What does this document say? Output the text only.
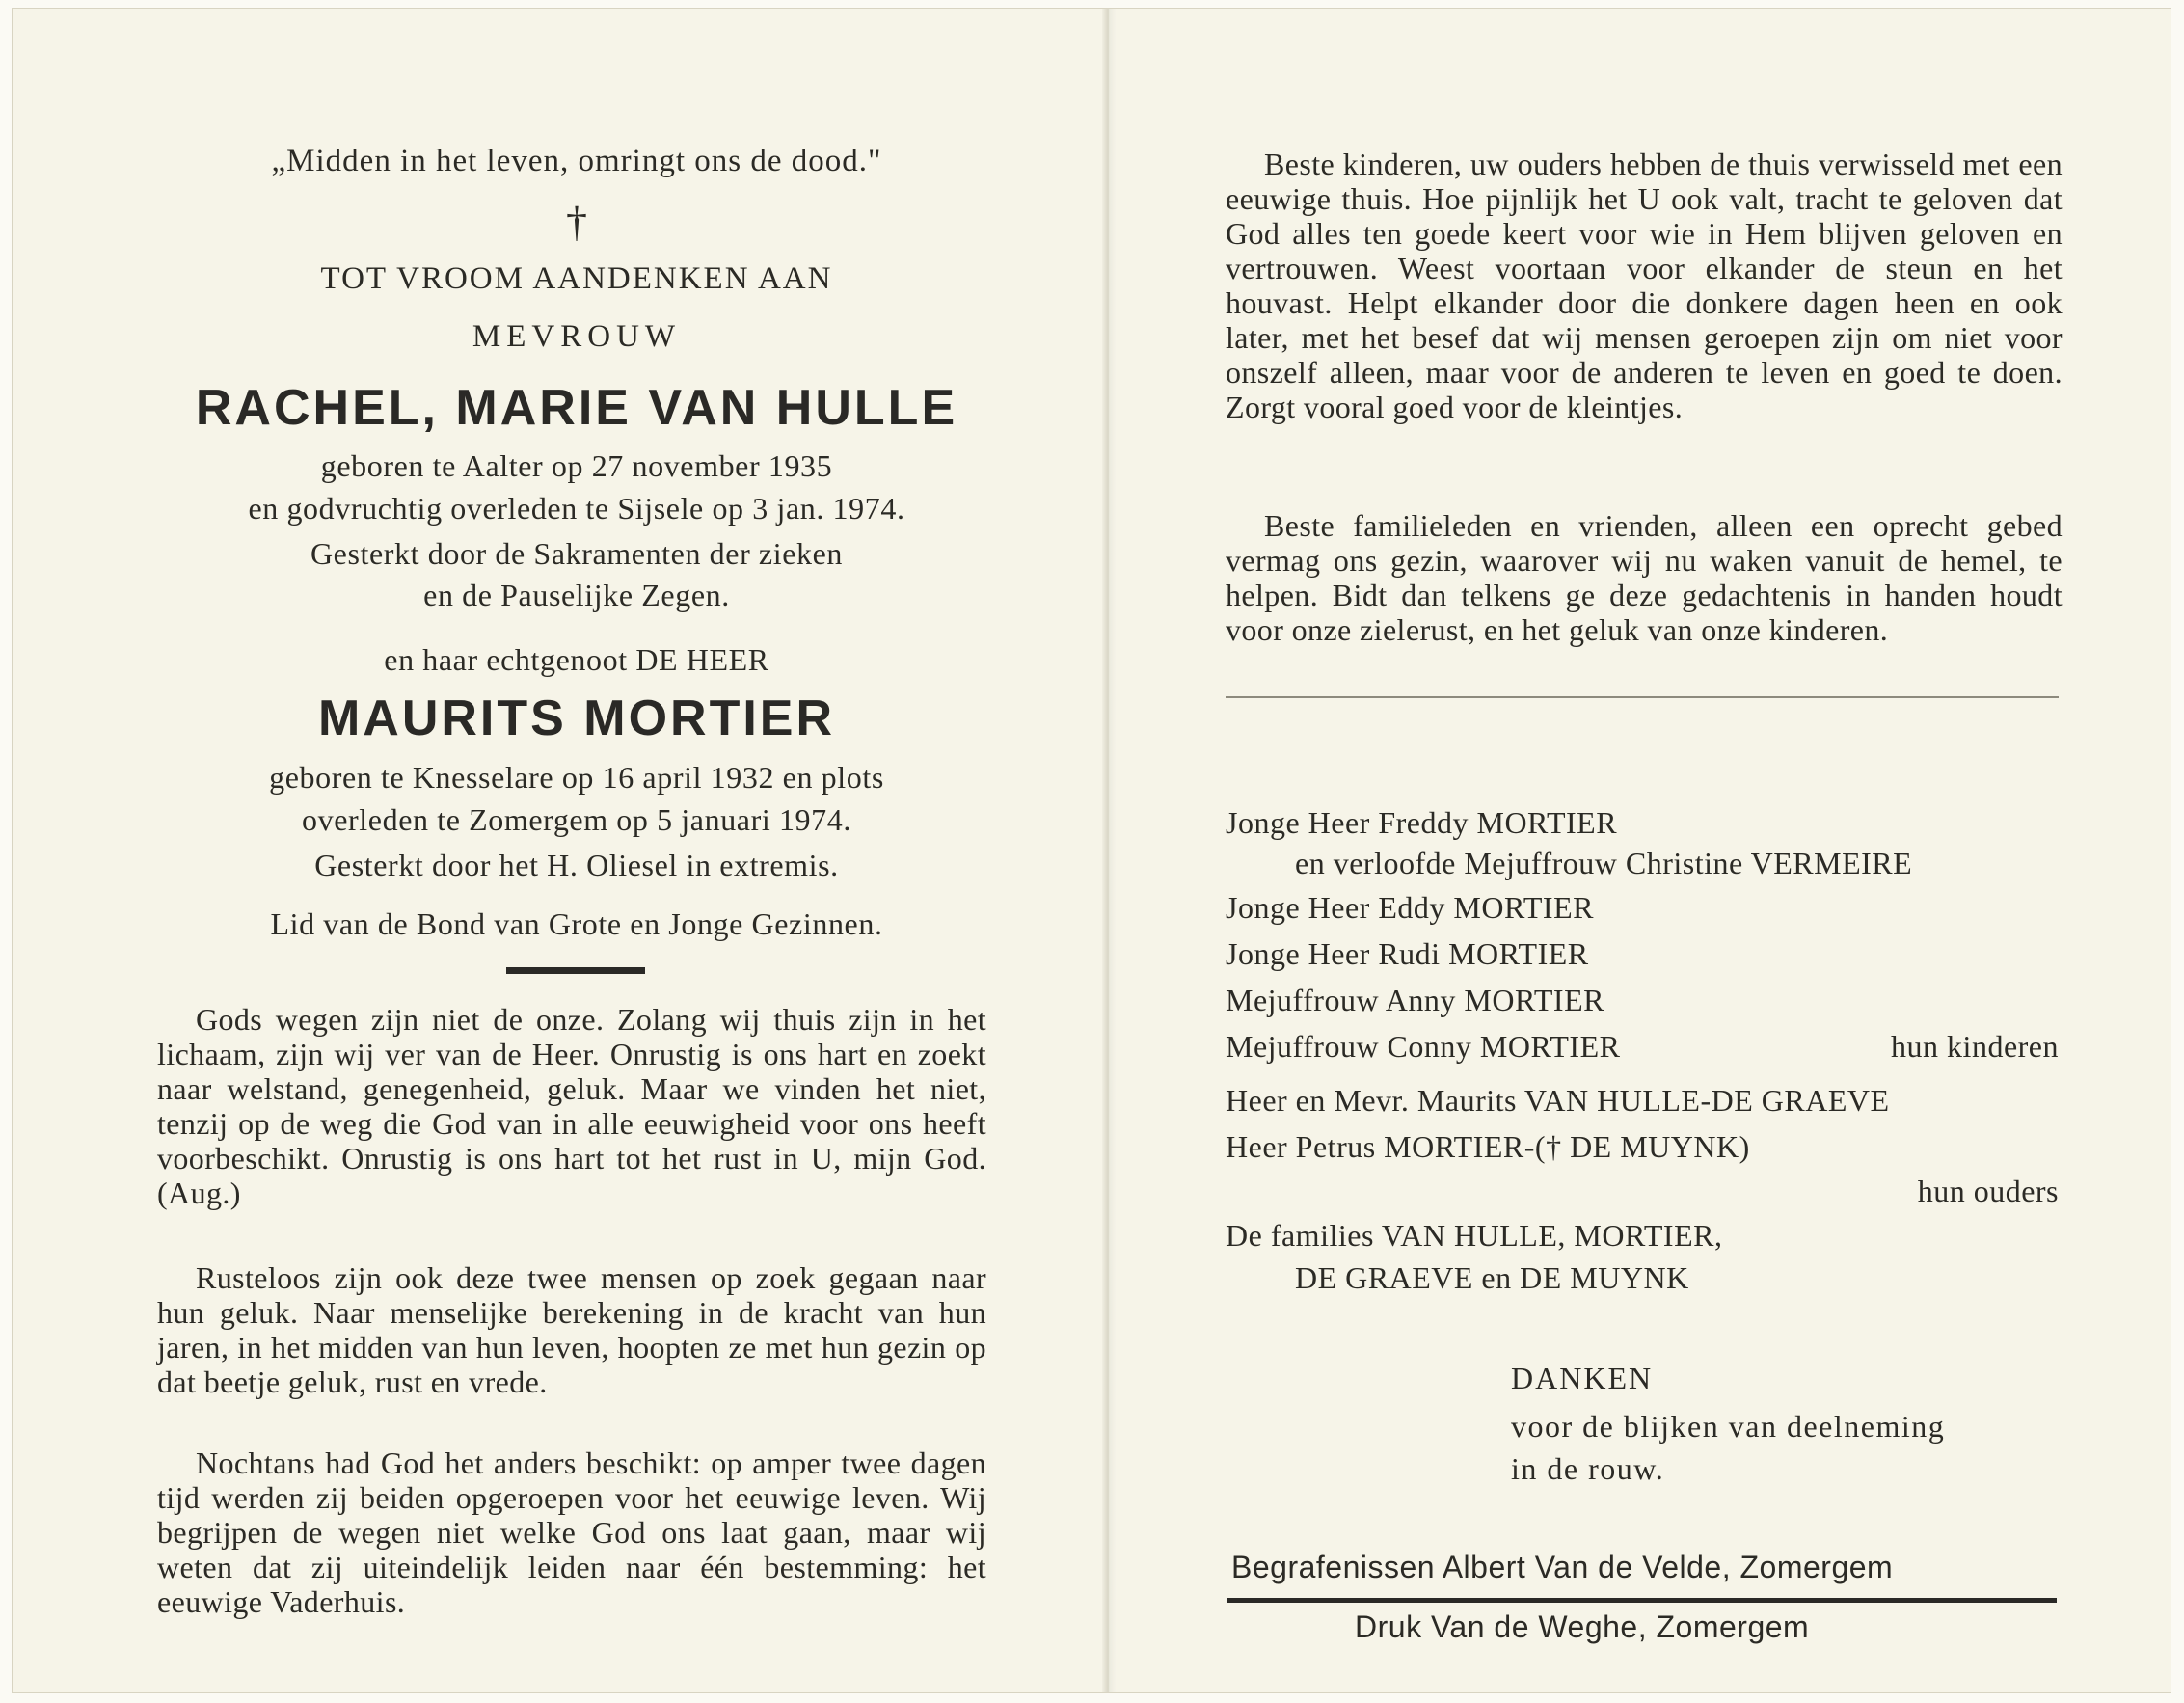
„Midden in het leven, omringt ons de dood."
†
TOT VROOM AANDENKEN AAN
MEVROUW
RACHEL, MARIE VAN HULLE
geboren te Aalter op 27 november 1935
en godvruchtig overleden te Sijsele op 3 jan. 1974.
Gesterkt door de Sakramenten der zieken
en de Pauselijke Zegen.
en haar echtgenoot DE HEER
MAURITS MORTIER
geboren te Knesselare op 16 april 1932 en plots
overleden te Zomergem op 5 januari 1974.
Gesterkt door het H. Oliesel in extremis.
Lid van de Bond van Grote en Jonge Gezinnen.
Gods wegen zijn niet de onze. Zolang wij thuis zijn in het lichaam, zijn wij ver van de Heer. Onrustig is ons hart en zoekt naar welstand, genegenheid, geluk. Maar we vinden het niet, tenzij op de weg die God van in alle eeuwigheid voor ons heeft voorbeschikt. Onrustig is ons hart tot het rust in U, mijn God. (Aug.)
Rusteloos zijn ook deze twee mensen op zoek gegaan naar hun geluk. Naar menselijke berekening in de kracht van hun jaren, in het midden van hun leven, hoopten ze met hun gezin op dat beetje geluk, rust en vrede.
Nochtans had God het anders beschikt: op amper twee dagen tijd werden zij beiden opgeroepen voor het eeuwige leven. Wij begrijpen de wegen niet welke God ons laat gaan, maar wij weten dat zij uiteindelijk leiden naar één bestemming: het eeuwige Vaderhuis.
Beste kinderen, uw ouders hebben de thuis verwisseld met een eeuwige thuis. Hoe pijnlijk het U ook valt, tracht te geloven dat God alles ten goede keert voor wie in Hem blijven geloven en vertrouwen. Weest voortaan voor elkander de steun en het houvast. Helpt elkander door die donkere dagen heen en ook later, met het besef dat wij mensen geroepen zijn om niet voor onszelf alleen, maar voor de anderen te leven en goed te doen. Zorgt vooral goed voor de kleintjes.
Beste familieleden en vrienden, alleen een oprecht gebed vermag ons gezin, waarover wij nu waken vanuit de hemel, te helpen. Bidt dan telkens ge deze gedachtenis in handen houdt voor onze zielerust, en het geluk van onze kinderen.
Jonge Heer Freddy MORTIER
en verloofde Mejuffrouw Christine VERMEIRE
Jonge Heer Eddy MORTIER
Jonge Heer Rudi MORTIER
Mejuffrouw Anny MORTIER
Mejuffrouw Conny MORTIER	hun kinderen
Heer en Mevr. Maurits VAN HULLE-DE GRAEVE
Heer Petrus MORTIER-(† DE MUYNK)
hun ouders
De families VAN HULLE, MORTIER,
DE GRAEVE en DE MUYNK
DANKEN
voor de blijken van deelneming
in de rouw.
Begrafenissen Albert Van de Velde, Zomergem
Druk Van de Weghe, Zomergem
